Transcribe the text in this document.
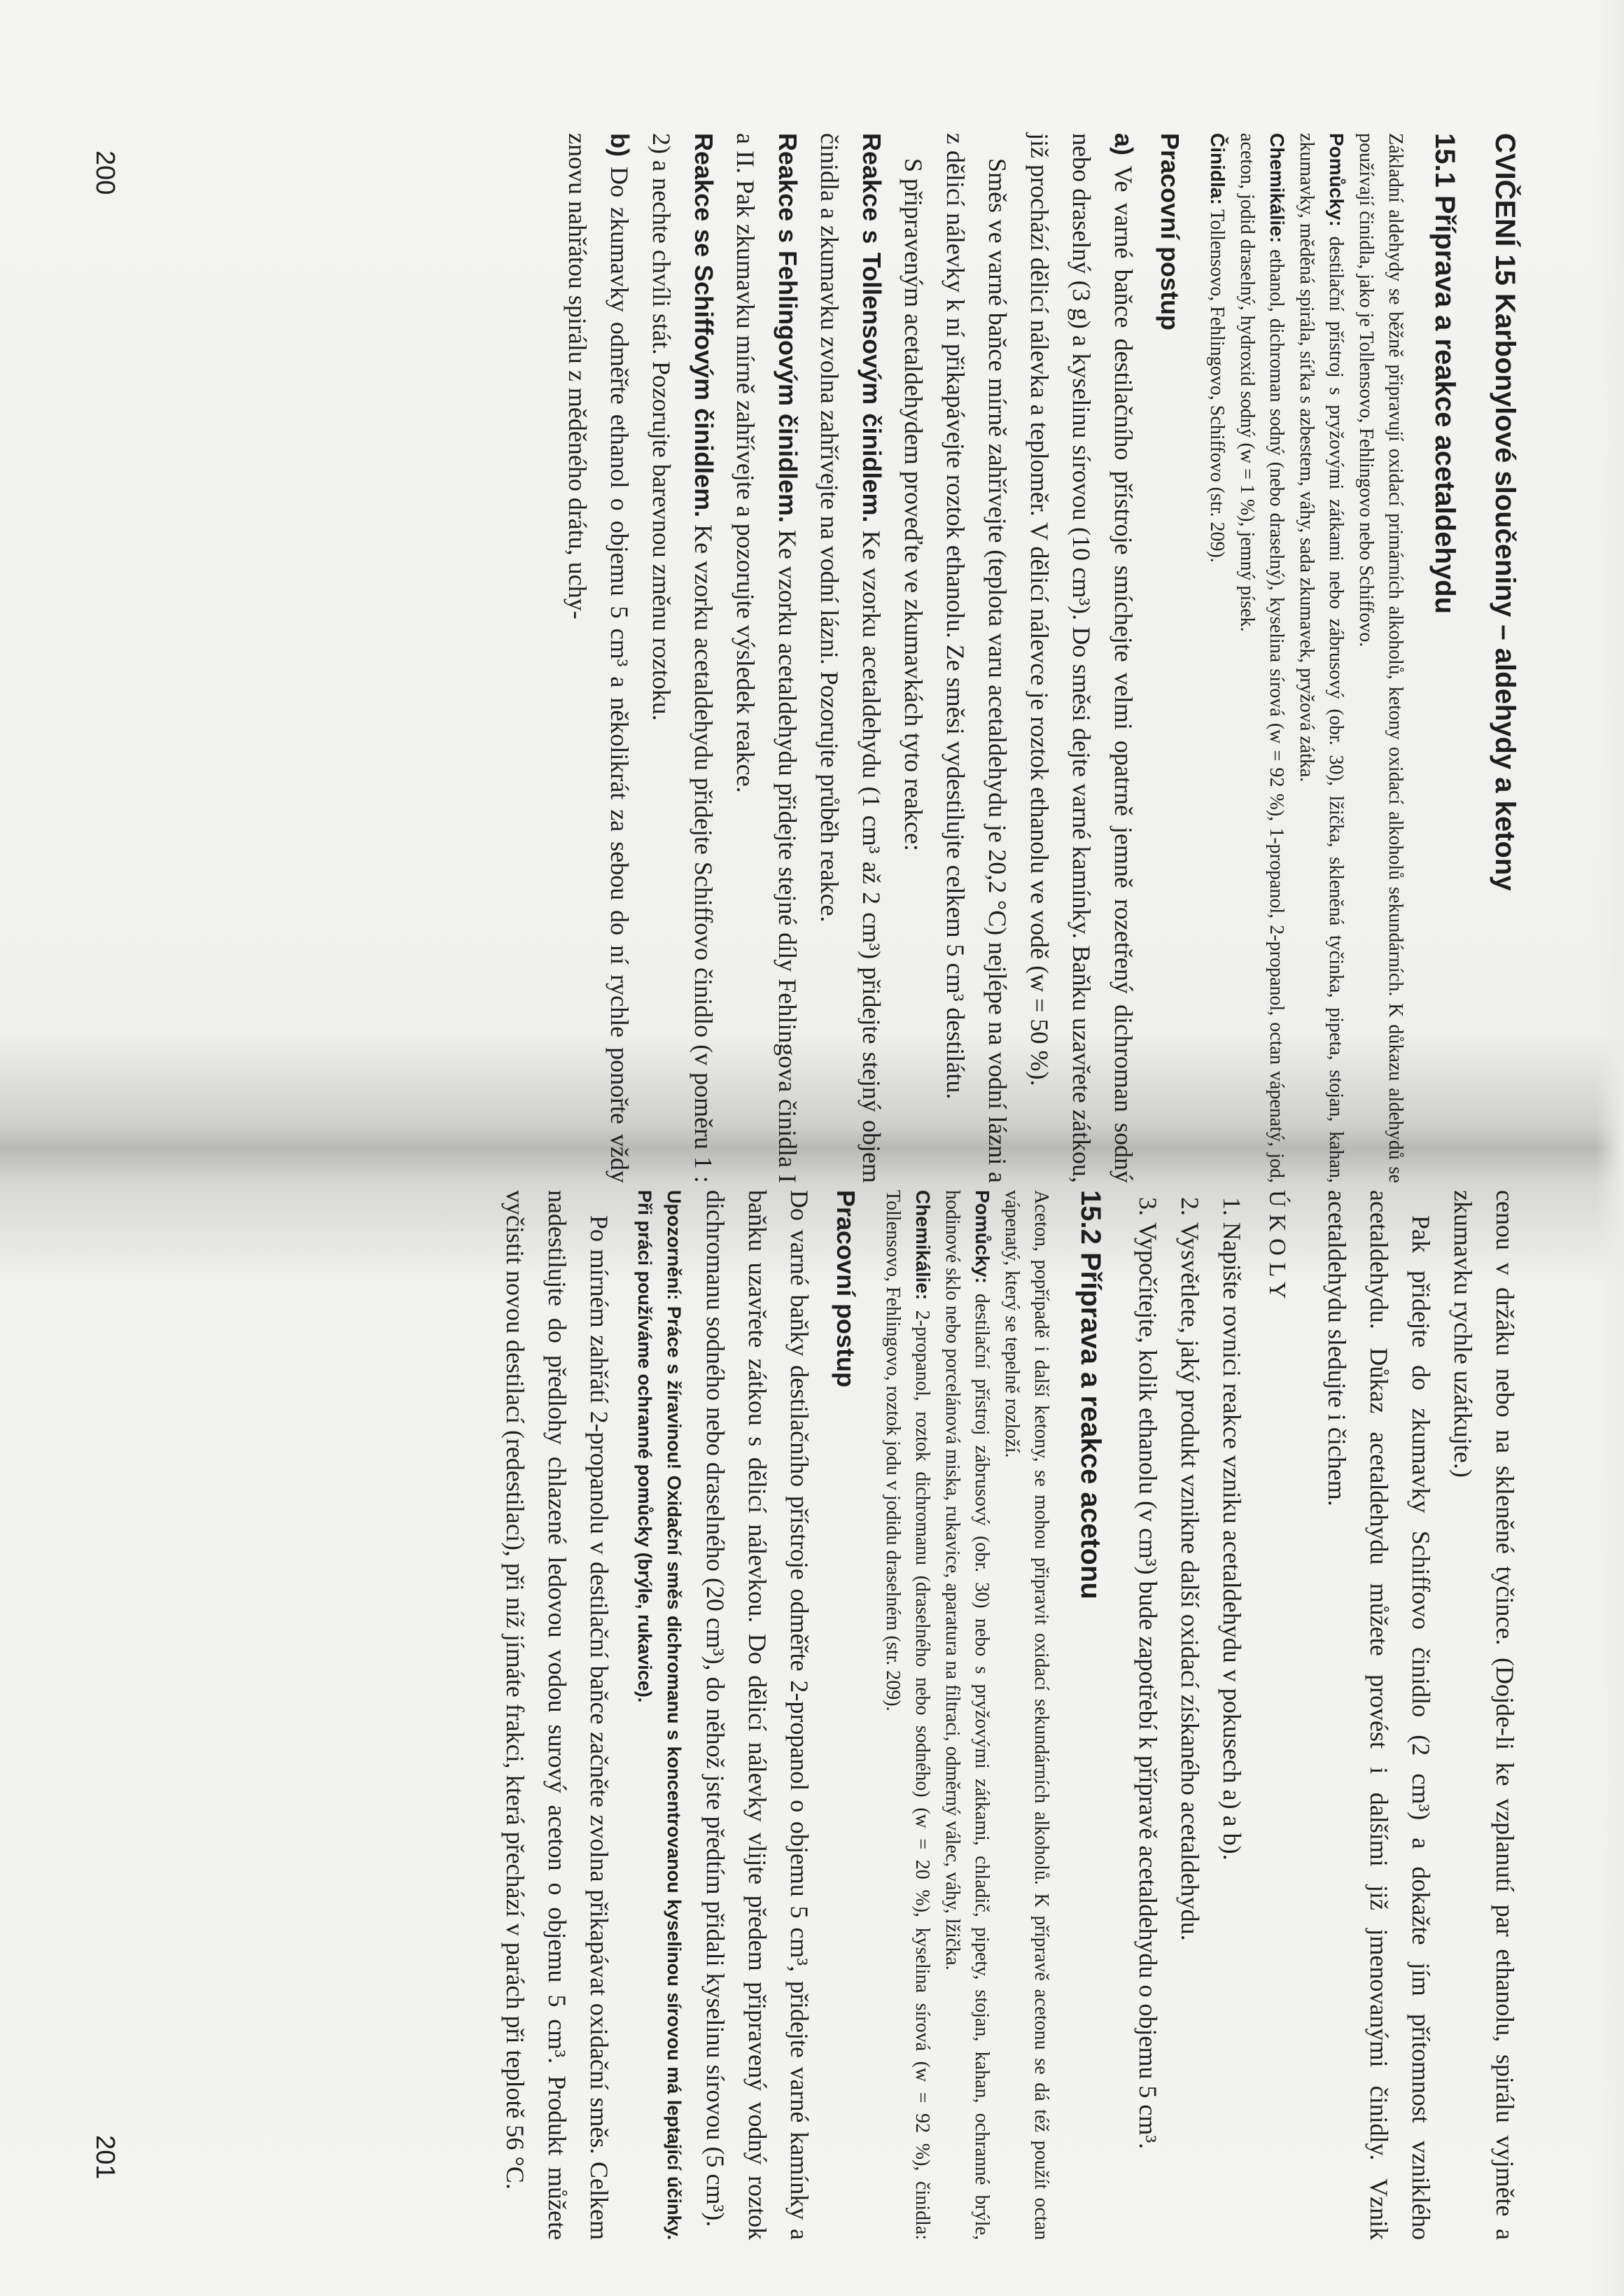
CVIČENÍ 15 Karbonylové sloučeniny – aldehydy a ketony
15.1 Příprava a reakce acetaldehydu

Základní aldehydy se běžně připravují oxidací primárních alkoholů, ketony oxidací alkoholů sekundárních. K důkazu aldehydů se používají činidla, jako je Tollensovo, Fehlingovo nebo Schiffovo.

Pomůcky: destilační přístroj s pryžovými zátkami nebo zábrusový (obr. 30), lžička, skleněná tyčinka, pipeta, stojan, kahan, zkumavky, měděná spirála, síťka s azbestem, váhy, sada zkumavek, pryžová zátka.

Chemikálie: ethanol, dichroman sodný (nebo draselný), kyselina sírová (w = 92 %), 1-propanol, 2-propanol, octan vápenatý, jod, aceton, jodid draselný, hydroxid sodný (w = 1 %), jemný písek.

Činidla: Tollensovo, Fehlingovo, Schiffovo (str. 209).

Pracovní postup

a) Ve varné baňce destilačního přístroje smíchejte velmi opatrně jemně rozetřený dichroman sodný nebo draselný (3 g) a kyselinu sírovou (10 cm³). Do směsi dejte varné kamínky. Baňku uzavřete zátkou, již prochází dělicí nálevka a teploměr. V dělicí nálevce je roztok ethanolu ve vodě (w = 50 %).

Směs ve varné baňce mírně zahřívejte (teplota varu acetaldehydu je 20,2 °C) nejlépe na vodní lázni a z dělicí nálevky k ní přikapávejte roztok ethanolu. Ze směsi vydestilujte celkem 5 cm³ destilátu.

S připraveným acetaldehydem proveďte ve zkumavkách tyto reakce:

Reakce s Tollensovým činidlem. Ke vzorku acetaldehydu (1 cm³ až 2 cm³) přidejte stejný objem činidla a zkumavku zvolna zahřívejte na vodní lázni. Pozorujte průběh reakce.

Reakce s Fehlingovým činidlem. Ke vzorku acetaldehydu přidejte stejné díly Fehlingova činidla I a II. Pak zkumavku mírně zahřívejte a pozorujte výsledek reakce.

Reakce se Schiffovým činidlem. Ke vzorku acetaldehydu přidejte Schiffovo činidlo (v poměru 1 : 2) a nechte chvíli stát. Pozorujte barevnou změnu roztoku.

b) Do zkumavky odměřte ethanol o objemu 5 cm³ a několikrát za sebou do ní rychle ponořte vždy znovu nahřátou spirálu z měděného drátu, uchy-

200

cenou v držáku nebo na skleněné tyčince. (Dojde-li ke vzplanutí par ethanolu, spirálu vyjměte a zkumavku rychle uzátkujte.)

Pak přidejte do zkumavky Schiffovo činidlo (2 cm³) a dokažte jím přítomnost vzniklého acetaldehydu. Důkaz acetaldehydu můžete provést i dalšími již jmenovanými činidly. Vznik acetaldehydu sledujte i čichem.

ÚKOLY
1. Napište rovnici reakce vzniku acetaldehydu v pokusech a) a b).
2. Vysvětlete, jaký produkt vznikne další oxidací získaného acetaldehydu.
3. Vypočítejte, kolik ethanolu (v cm³) bude zapotřebí k přípravě acetaldehydu o objemu 5 cm³.
15.2 Příprava a reakce acetonu

Aceton, popřípadě i další ketony, se mohou připravit oxidací sekundárních alkoholů. K přípravě acetonu se dá též použít octan vápenatý, který se tepelně rozloží.

Pomůcky: destilační přístroj zábrusový (obr. 30) nebo s pryžovými zátkami, chladič, pipety, stojan, kahan, ochranné brýle, hodinové sklo nebo porcelánová miska, rukavice, aparatura na filtraci, odměrný válec, váhy, lžička.

Chemikálie: 2-propanol, roztok dichromanu (draselného nebo sodného) (w = 20 %), kyselina sírová (w = 92 %), činidla: Tollensovo, Fehlingovo, roztok jodu v jodidu draselném (str. 209).

Pracovní postup

Do varné baňky destilačního přístroje odměřte 2-propanol o objemu 5 cm³, přidejte varné kamínky a baňku uzavřete zátkou s dělicí nálevkou. Do dělicí nálevky vlijte předem připravený vodný roztok dichromanu sodného nebo draselného (20 cm³), do něhož jste předtím přidali kyselinu sírovou (5 cm³).

Upozornění: Práce s žíravinou! Oxidační směs dichromanu s koncentrovanou kyselinou sírovou má leptající účinky. Při práci používáme ochranné pomůcky (brýle, rukavice).

Po mírném zahřátí 2-propanolu v destilační baňce začněte zvolna přikapávat oxidační směs. Celkem nadestilujte do předlohy chlazené ledovou vodou surový aceton o objemu 5 cm³. Produkt můžete vyčistit novou destilací (redestilací), při níž jímáte frakci, která přechází v parách při teplotě 56 °C.

201
